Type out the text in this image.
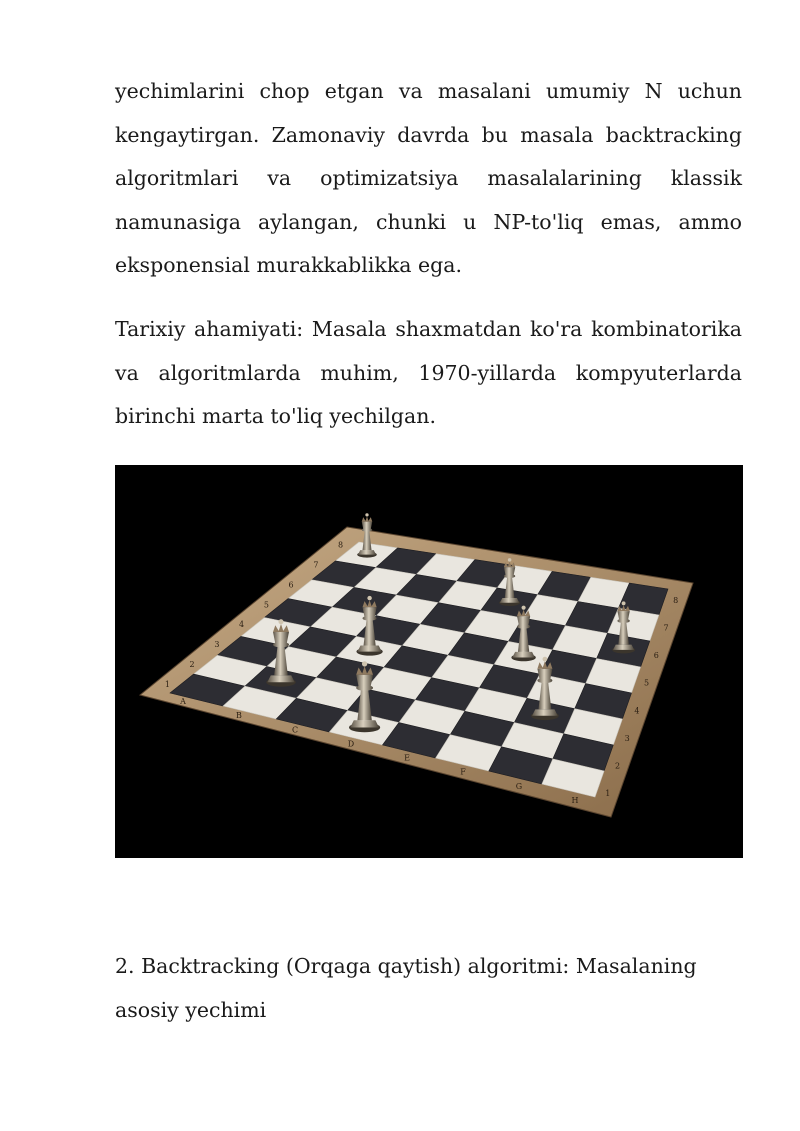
yechimlarini chop etgan va masalani umumiy N uchun kengaytirgan. Zamonaviy davrda bu masala backtracking algoritmlari va optimizatsiya masalalarining klassik namunasiga aylangan, chunki u NP-to'liq emas, ammo eksponensial murakkablikka ega.

Tarixiy ahamiyati: Masala shaxmatdan ko'ra kombinatorika va algoritmlarda muhim, 1970-yillarda kompyuterlarda birinchi marta to'liq yechilgan.

A
B
C
D
E
F
G
H
1
1
2
2
3
3
4
4
5
5
6
6
7
7
8
8

2. Backtracking (Orqaga qaytish) algoritmi: Masalaning asosiy yechimi
